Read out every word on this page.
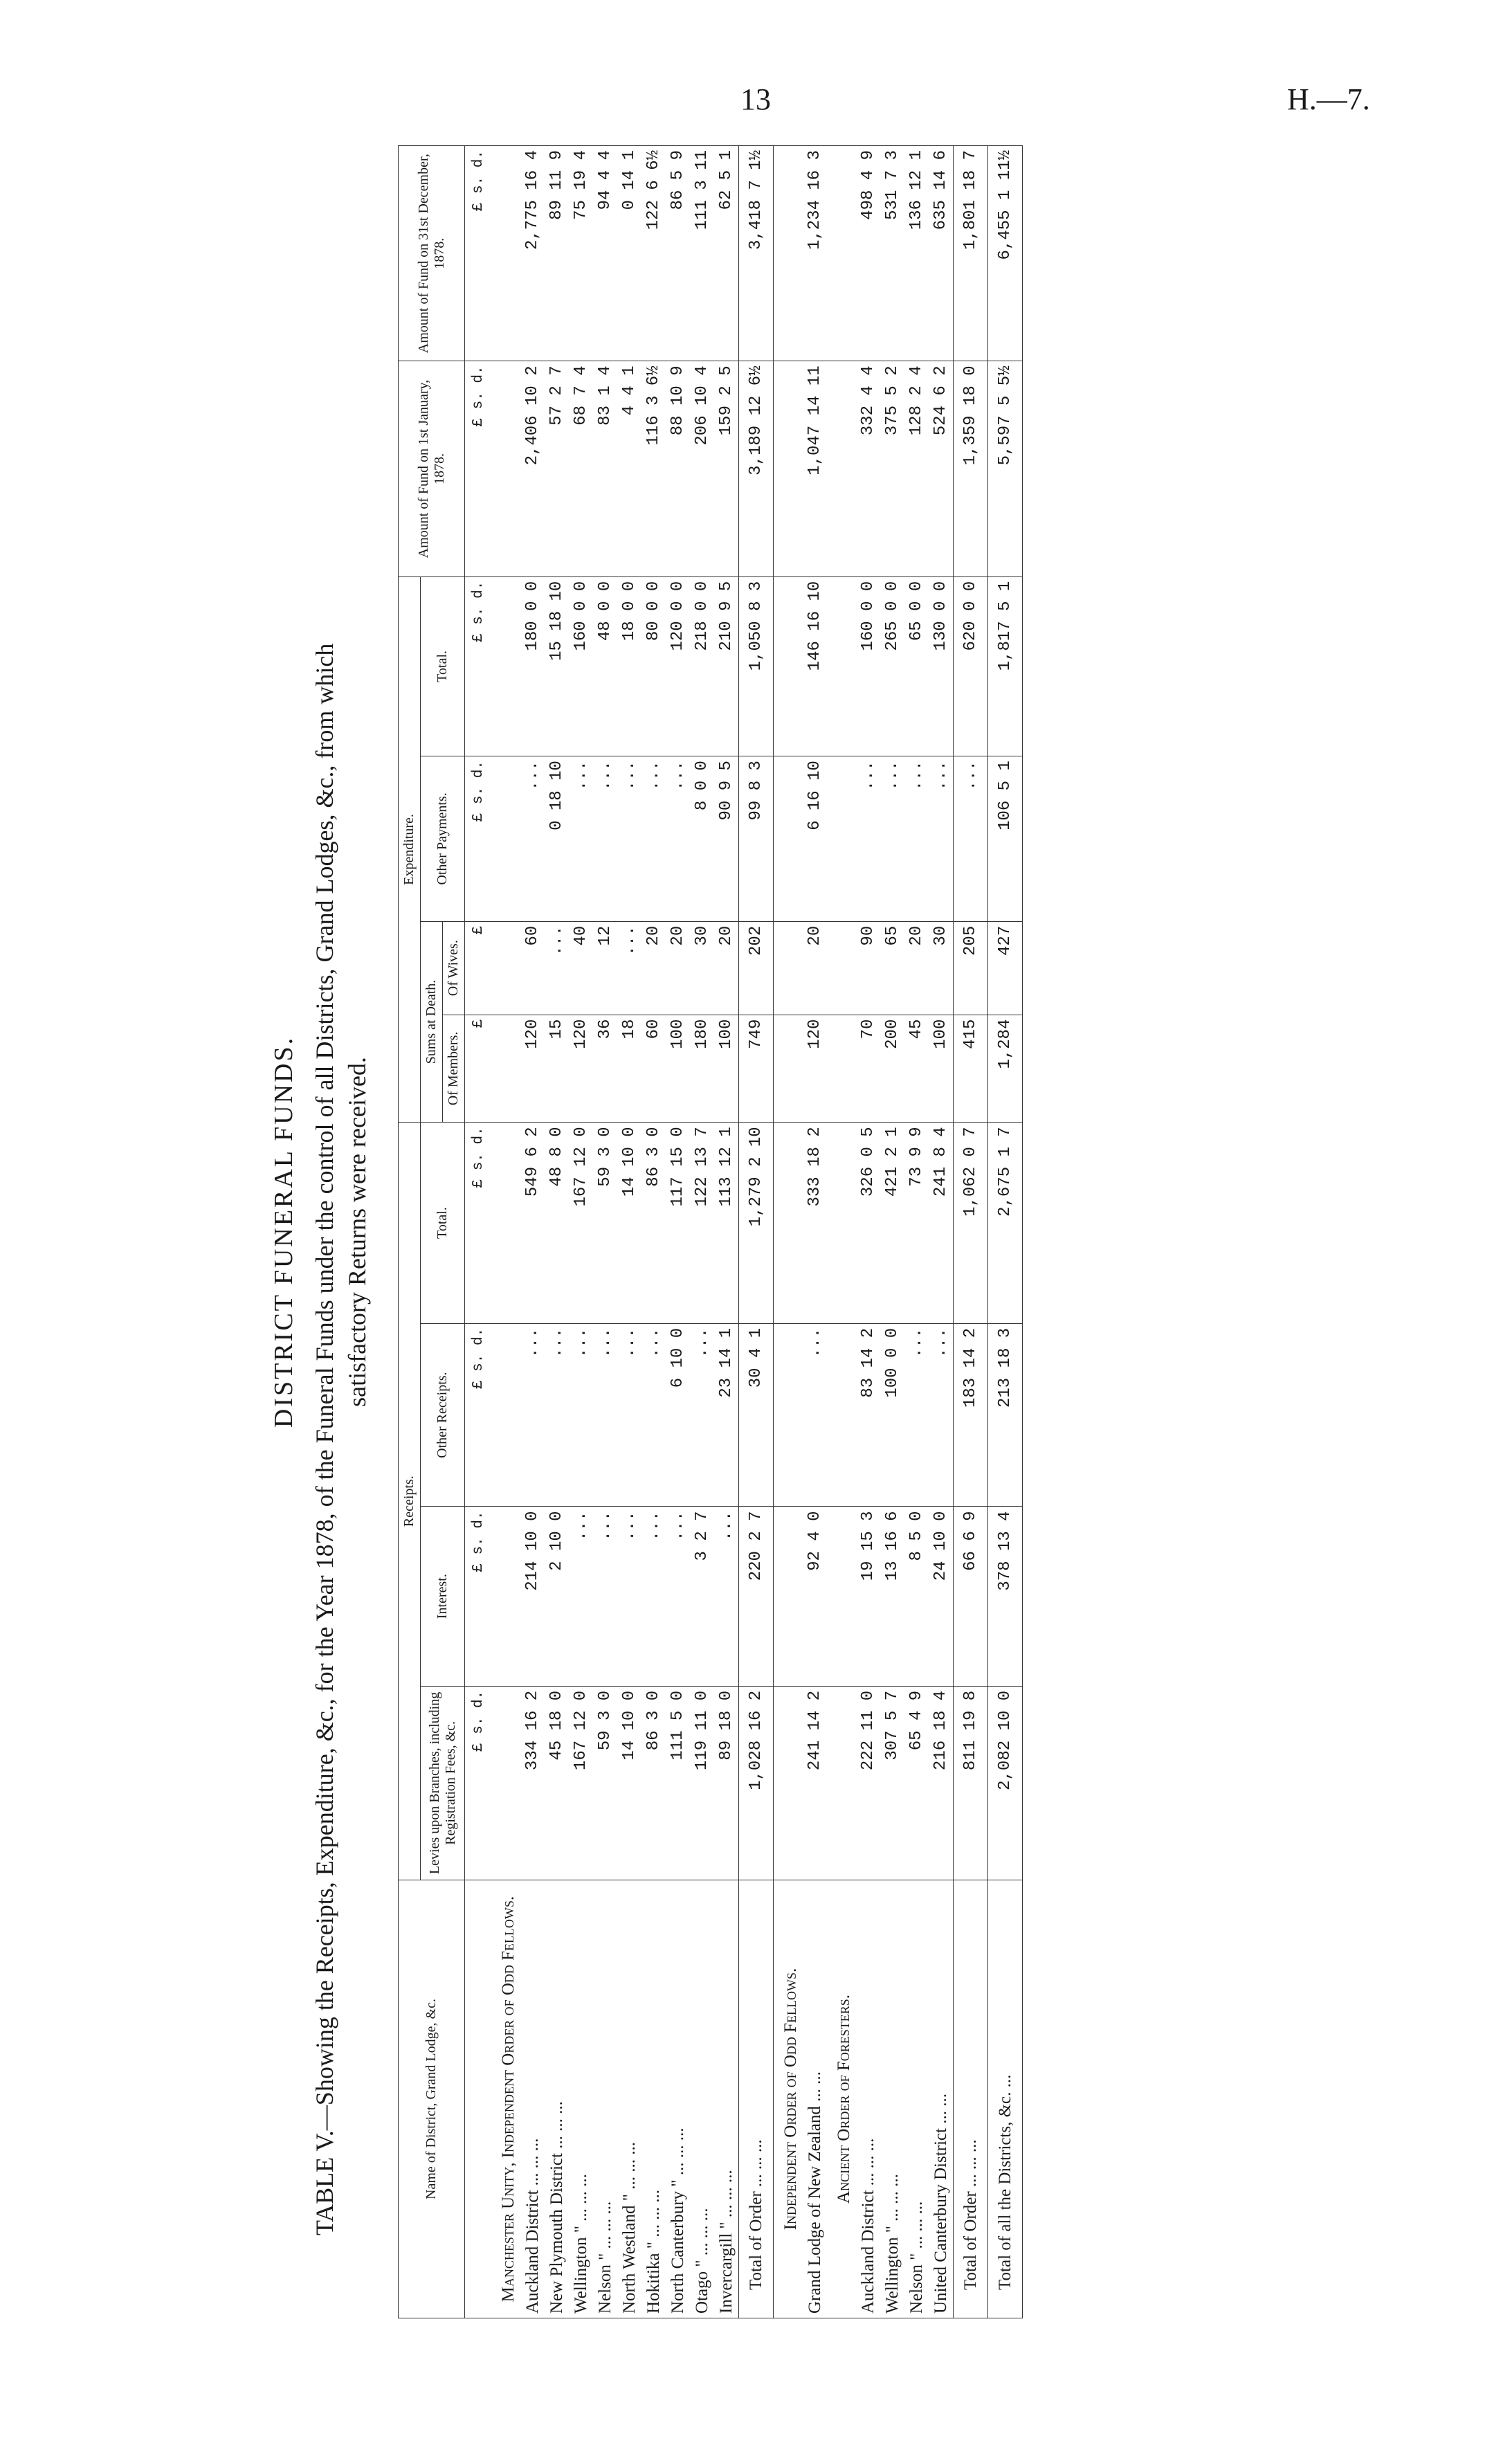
13	H.—7.
DISTRICT FUNERAL FUNDS. TABLE V.—Showing the Receipts, Expenditure, &c., for the Year 1878, of the Funeral Funds under the control of all Districts, Grand Lodges, &c., from which satisfactory Returns were received.
Name of District, Grand Lodge, &c.	Receipts.				Expenditure.				Amount of Fund on 1st January, 1878.	Amount of Fund on 31st December, 1878.
	Levies upon Branches, including Registration Fees, &c.	Interest.	Other Receipts.	Total.	Sums at Death.		Other Payments.	Total.		
					Of Members.	Of Wives.				
	£ s. d.	£ s. d.	£ s. d.	£ s. d.	£	£	£ s. d.	£ s. d.	£ s. d.	£ s. d.
Manchester Unity, Independent Order of Odd Fellows.										
Auckland District ... ... ...	334 16 2	214 10 0	...	549 6 2	120	60	...	180 0 0	2,406 10 2	2,775 16 4
New Plymouth District ... ... ...	45 18 0	2 10 0	...	48 8 0	15	...	0 18 10	15 18 10	57 2 7	89 11 9
Wellington " ... ... ...	167 12 0	...	...	167 12 0	120	40	...	160 0 0	68 7 4	75 19 4
Nelson " ... ... ...	59 3 0	...	...	59 3 0	36	12	...	48 0 0	83 1 4	94 4 4
North Westland " ... ... ...	14 10 0	...	...	14 10 0	18	...	...	18 0 0	4 4 1	0 14 1
Hokitika " ... ... ...	86 3 0	...	...	86 3 0	60	20	...	80 0 0	116 3 6½	122 6 6½
North Canterbury " ... ... ...	111 5 0	...	6 10 0	117 15 0	100	20	...	120 0 0	88 10 9	86 5 9
Otago " ... ... ...	119 11 0	3 2 7	...	122 13 7	180	30	8 0 0	218 0 0	206 10 4	111 3 11
Invercargill " ... ... ...	89 18 0	...	23 14 1	113 12 1	100	20	90 9 5	210 9 5	159 2 5	62 5 1
Total of Order ... ... ...	1,028 16 2	220 2 7	30 4 1	1,279 2 10	749	202	99 8 3	1,050 8 3	3,189 12 6½	3,418 7 1½
Independent Order of Odd Fellows.										
Grand Lodge of New Zealand ... ...	241 14 2	92 4 0	...	333 18 2	120	20	6 16 10	146 16 10	1,047 14 11	1,234 16 3
Ancient Order of Foresters.										
Auckland District ... ... ...	222 11 0	19 15 3	83 14 2	326 0 5	70	90	...	160 0 0	332 4 4	498 4 9
Wellington " ... ... ...	307 5 7	13 16 6	100 0 0	421 2 1	200	65	...	265 0 0	375 5 2	531 7 3
Nelson " ... ... ...	65 4 9	8 5 0	...	73 9 9	45	20	...	65 0 0	128 2 4	136 12 1
United Canterbury District ... ...	216 18 4	24 10 0	...	241 8 4	100	30	...	130 0 0	524 6 2	635 14 6
Total of Order ... ... ...	811 19 8	66 6 9	183 14 2	1,062 0 7	415	205	...	620 0 0	1,359 18 0	1,801 18 7
Total of all the Districts, &c. ...	2,082 10 0	378 13 4	213 18 3	2,675 1 7	1,284	427	106 5 1	1,817 5 1	5,597 5 5½	6,455 1 11½
